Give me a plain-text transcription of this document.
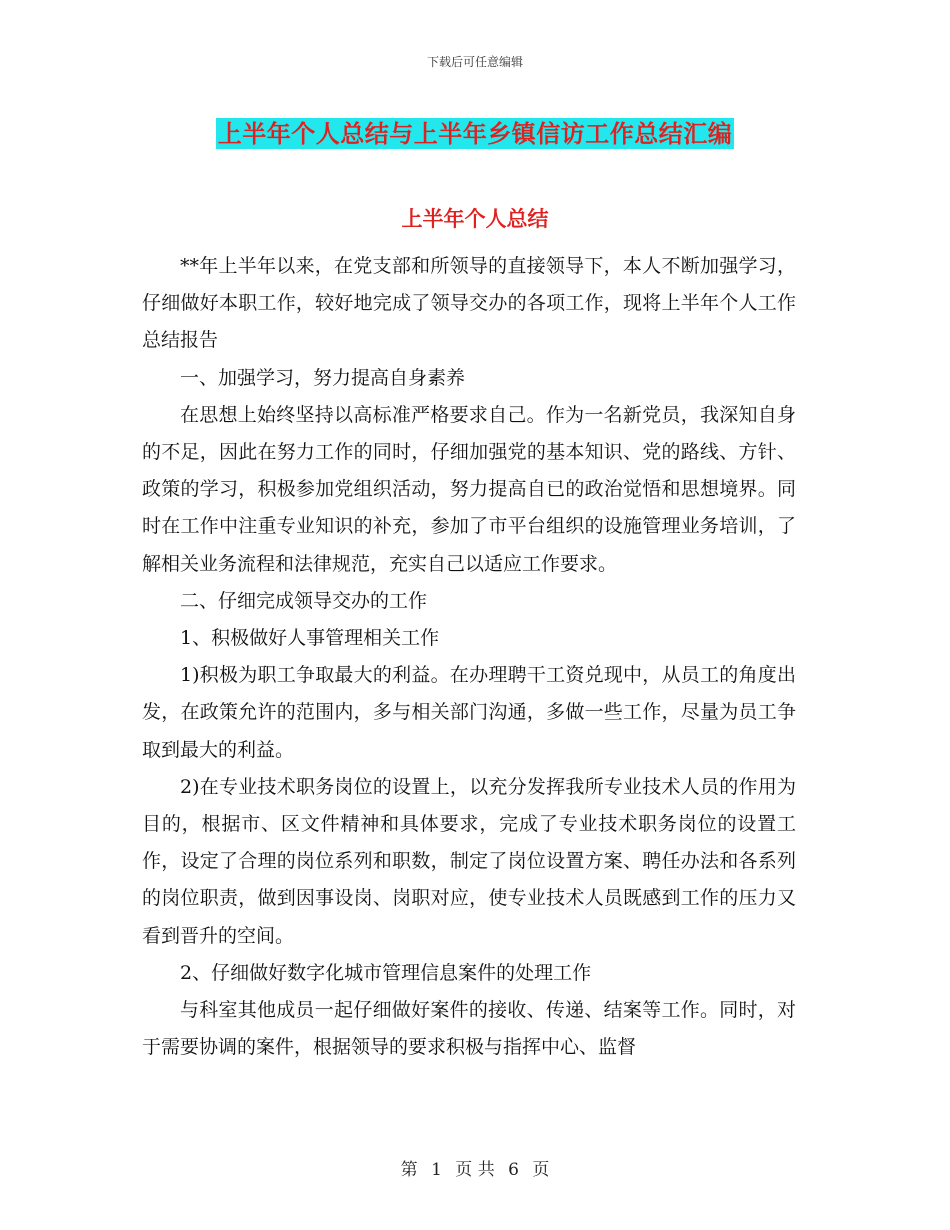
下载后可任意编辑
上半年个人总结与上半年乡镇信访工作总结汇编
上半年个人总结

**年上半年以来，在党支部和所领导的直接领导下，本人不断加强学习，仔细做好本职工作，较好地完成了领导交办的各项工作，现将上半年个人工作总结报告

一、加强学习，努力提高自身素养

在思想上始终坚持以高标准严格要求自己。作为一名新党员，我深知自身的不足，因此在努力工作的同时，仔细加强党的基本知识、党的路线、方针、政策的学习，积极参加党组织活动，努力提高自已的政治觉悟和思想境界。同时在工作中注重专业知识的补充，参加了市平台组织的设施管理业务培训，了解相关业务流程和法律规范，充实自己以适应工作要求。

二、仔细完成领导交办的工作

1、积极做好人事管理相关工作

1)积极为职工争取最大的利益。在办理聘干工资兑现中，从员工的角度出发，在政策允许的范围内，多与相关部门沟通，多做一些工作，尽量为员工争取到最大的利益。

2)在专业技术职务岗位的设置上，以充分发挥我所专业技术人员的作用为目的，根据市、区文件精神和具体要求，完成了专业技术职务岗位的设置工作，设定了合理的岗位系列和职数，制定了岗位设置方案、聘任办法和各系列的岗位职责，做到因事设岗、岗职对应，使专业技术人员既感到工作的压力又看到晋升的空间。

2、仔细做好数字化城市管理信息案件的处理工作

与科室其他成员一起仔细做好案件的接收、传递、结案等工作。同时，对于需要协调的案件，根据领导的要求积极与指挥中心、监督

第 1 页 共 6 页
